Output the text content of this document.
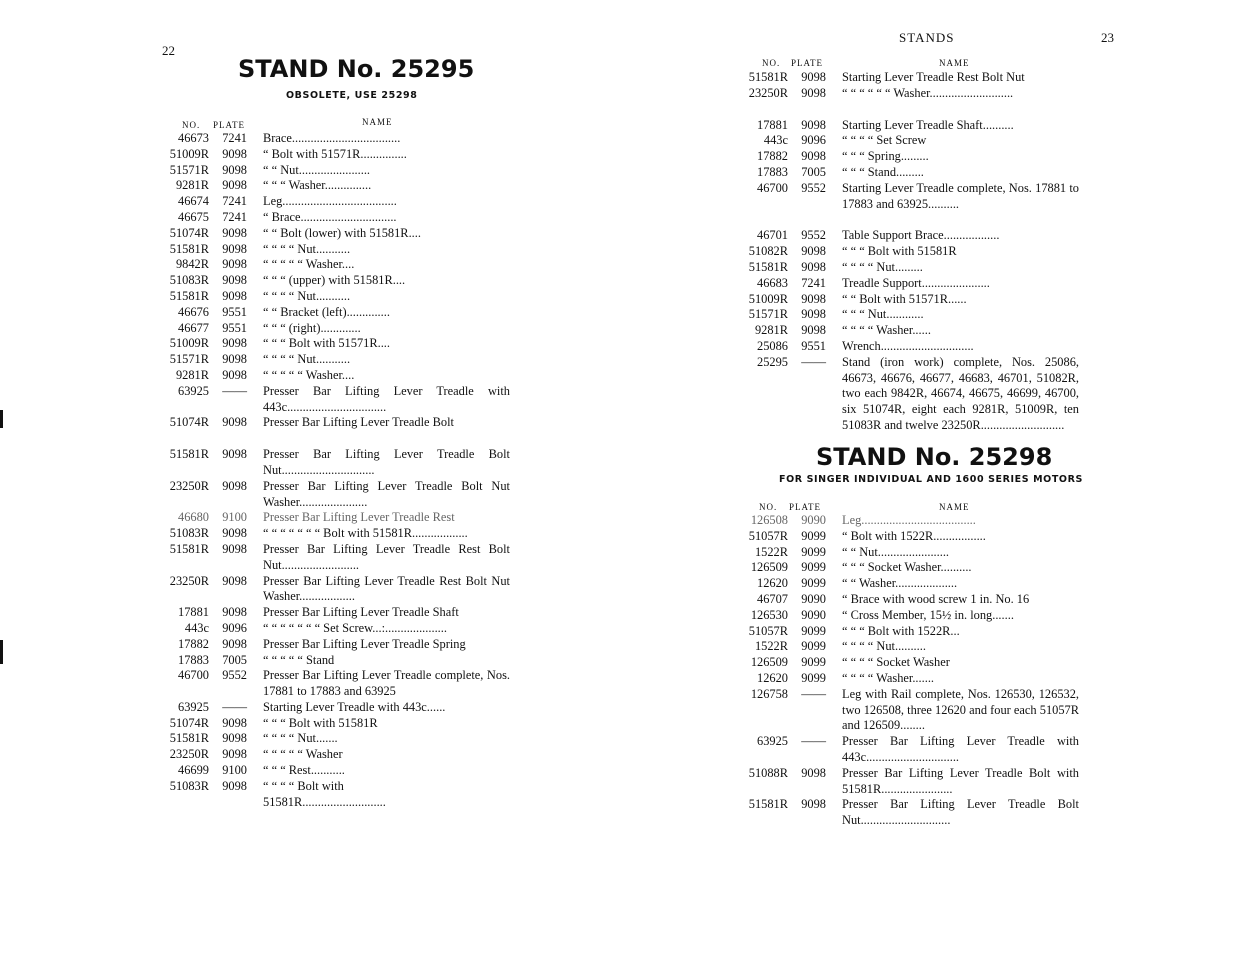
22
STAND No. 25295
OBSOLETE, USE 25298
NO. PLATE	NAME
46673	7241	Brace...................................
51009R	9098	“ Bolt with 51571R...............
51571R	9098	“ “ Nut.......................
9281R	9098	“ “ “ Washer...............
46674	7241	Leg.....................................
46675	7241	“ Brace...............................
51074R	9098	“ “ Bolt (lower) with 51581R....
51581R	9098	“ “ “ “ Nut...........
9842R	9098	“ “ “ “ “ Washer....
51083R	9098	“ “ “ (upper) with 51581R....
51581R	9098	“ “ “ “ Nut...........
46676	9551	“ “ Bracket (left)..............
46677	9551	“ “ “ (right).............
51009R	9098	“ “ “ Bolt with 51571R....
51571R	9098	“ “ “ “ Nut...........
9281R	9098	“ “ “ “ “ Washer....
63925	——	Presser Bar Lifting Lever Treadle with 443c................................
51074R	9098	Presser Bar Lifting Lever Treadle Bolt
51581R	9098	Presser Bar Lifting Lever Treadle Bolt Nut..............................
23250R	9098	Presser Bar Lifting Lever Treadle Bolt Nut Washer......................
46680	9100	Presser Bar Lifting Lever Treadle Rest
51083R	9098	“ “ “ “ “ “ “ Bolt with 51581R..................
51581R	9098	Presser Bar Lifting Lever Treadle Rest Bolt Nut.........................
23250R	9098	Presser Bar Lifting Lever Treadle Rest Bolt Nut Washer..................
17881	9098	Presser Bar Lifting Lever Treadle Shaft
443c	9096	“ “ “ “ “ “ “ Set Screw...:....................
17882	9098	Presser Bar Lifting Lever Treadle Spring
17883	7005	“ “ “ “ “ Stand
46700	9552	Presser Bar Lifting Lever Treadle complete, Nos. 17881 to 17883 and 63925
63925	——	Starting Lever Treadle with 443c......
51074R	9098	“ “ “ Bolt with 51581R
51581R	9098	“ “ “ “ Nut.......
23250R	9098	“ “ “ “ “ Washer
46699	9100	“ “ “ Rest...........
51083R	9098	“ “ “ “ Bolt with
51581R...........................
STANDS	23
NO. PLATE	NAME
51581R	9098	Starting Lever Treadle Rest Bolt Nut
23250R	9098	“ “ “ “ “ “ Washer...........................
17881	9098	Starting Lever Treadle Shaft..........
443c	9096	“ “ “ “ Set Screw
17882	9098	“ “ “ Spring.........
17883	7005	“ “ “ Stand.........
46700	9552	Starting Lever Treadle complete, Nos. 17881 to 17883 and 63925..........
46701	9552	Table Support Brace..................
51082R	9098	“ “ “ Bolt with 51581R
51581R	9098	“ “ “ “ Nut.........
46683	7241	Treadle Support......................
51009R	9098	“ “ Bolt with 51571R......
51571R	9098	“ “ “ Nut............
9281R	9098	“ “ “ “ Washer......
25086	9551	Wrench..............................
25295	——	Stand (iron work) complete, Nos. 25086, 46673, 46676, 46677, 46683, 46701, 51082R, two each 9842R, 46674, 46675, 46699, 46700, six 51074R, eight each 9281R, 51009R, ten 51083R and twelve 23250R...........................
STAND No. 25298
FOR SINGER INDIVIDUAL AND 1600 SERIES MOTORS
NO. PLATE	NAME
126508	9090	Leg.....................................
51057R	9099	“ Bolt with 1522R.................
1522R	9099	“ “ Nut.......................
126509	9099	“ “ “ Socket Washer..........
12620	9099	“ “ Washer....................
46707	9090	“ Brace with wood screw 1 in. No. 16
126530	9090	“ Cross Member, 15½ in. long.......
51057R	9099	“ “ “ Bolt with 1522R...
1522R	9099	“ “ “ “ Nut..........
126509	9099	“ “ “ “ Socket Washer
12620	9099	“ “ “ “ Washer.......
126758	——	Leg with Rail complete, Nos. 126530, 126532, two 126508, three 12620 and four each 51057R and 126509........
63925	——	Presser Bar Lifting Lever Treadle with 443c..............................
51088R	9098	Presser Bar Lifting Lever Treadle Bolt with 51581R.......................
51581R	9098	Presser Bar Lifting Lever Treadle Bolt Nut.............................
